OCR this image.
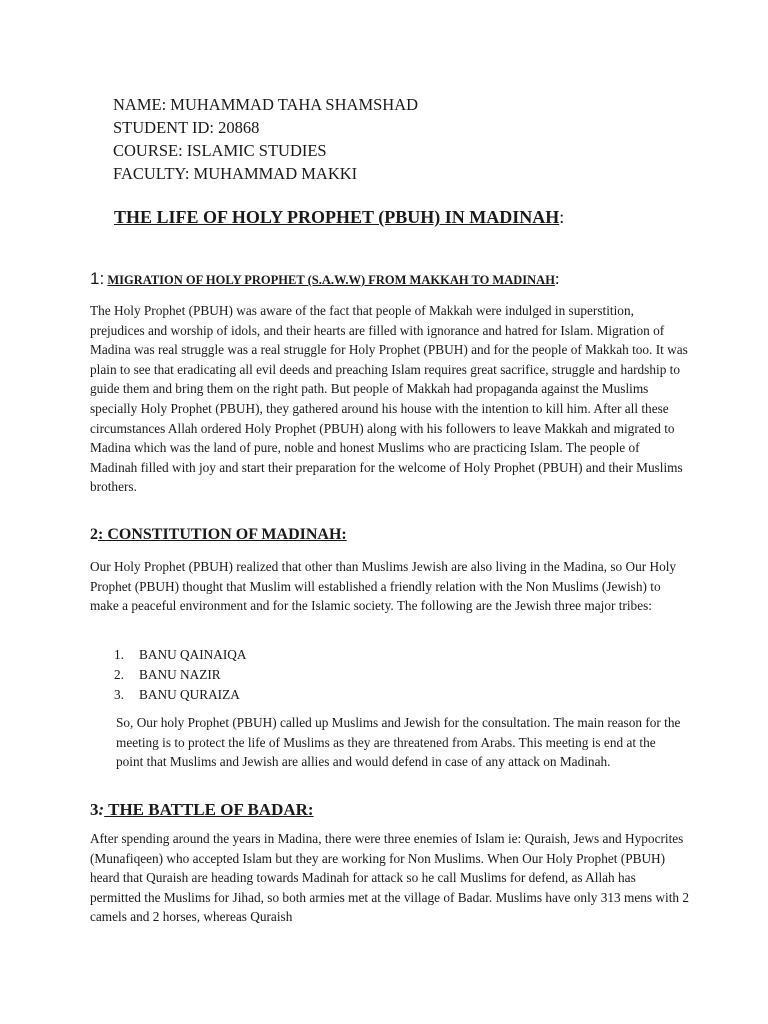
NAME: MUHAMMAD TAHA SHAMSHAD
STUDENT ID: 20868
COURSE: ISLAMIC STUDIES
FACULTY: MUHAMMAD MAKKI
THE LIFE OF HOLY PROPHET (PBUH) IN MADINAH:
1: MIGRATION OF HOLY PROPHET (S.A.W.W) FROM MAKKAH TO MADINAH:

The Holy Prophet (PBUH) was aware of the fact that people of Makkah were indulged in superstition, prejudices and worship of idols, and their hearts are filled with ignorance and hatred for Islam. Migration of Madina was real struggle was a real struggle for Holy Prophet (PBUH) and for the people of Makkah too. It was plain to see that eradicating all evil deeds and preaching Islam requires great sacrifice, struggle and hardship to guide them and bring them on the right path. But people of Makkah had propaganda against the Muslims specially Holy Prophet (PBUH), they gathered around his house with the intention to kill him. After all these circumstances Allah ordered Holy Prophet (PBUH) along with his followers to leave Makkah and migrated to Madina which was the land of pure, noble and honest Muslims who are practicing Islam. The people of Madinah filled with joy and start their preparation for the welcome of Holy Prophet (PBUH) and their Muslims brothers.

2: CONSTITUTION OF MADINAH:

Our Holy Prophet (PBUH) realized that other than Muslims Jewish are also living in the Madina, so Our Holy Prophet (PBUH) thought that Muslim will established a friendly relation with the Non Muslims (Jewish) to make a peaceful environment and for the Islamic society. The following are the Jewish three major tribes:

1. BANU QAINAIQA
2. BANU NAZIR
3. BANU QURAIZA

So, Our holy Prophet (PBUH) called up Muslims and Jewish for the consultation. The main reason for the meeting is to protect the life of Muslims as they are threatened from Arabs. This meeting is end at the point that Muslims and Jewish are allies and would defend in case of any attack on Madinah.

3: THE BATTLE OF BADAR:

After spending around the years in Madina, there were three enemies of Islam ie: Quraish, Jews and Hypocrites (Munafiqeen) who accepted Islam but they are working for Non Muslims. When Our Holy Prophet (PBUH) heard that Quraish are heading towards Madinah for attack so he call Muslims for defend, as Allah has permitted the Muslims for Jihad, so both armies met at the village of Badar. Muslims have only 313 mens with 2 camels and 2 horses, whereas Quraish
